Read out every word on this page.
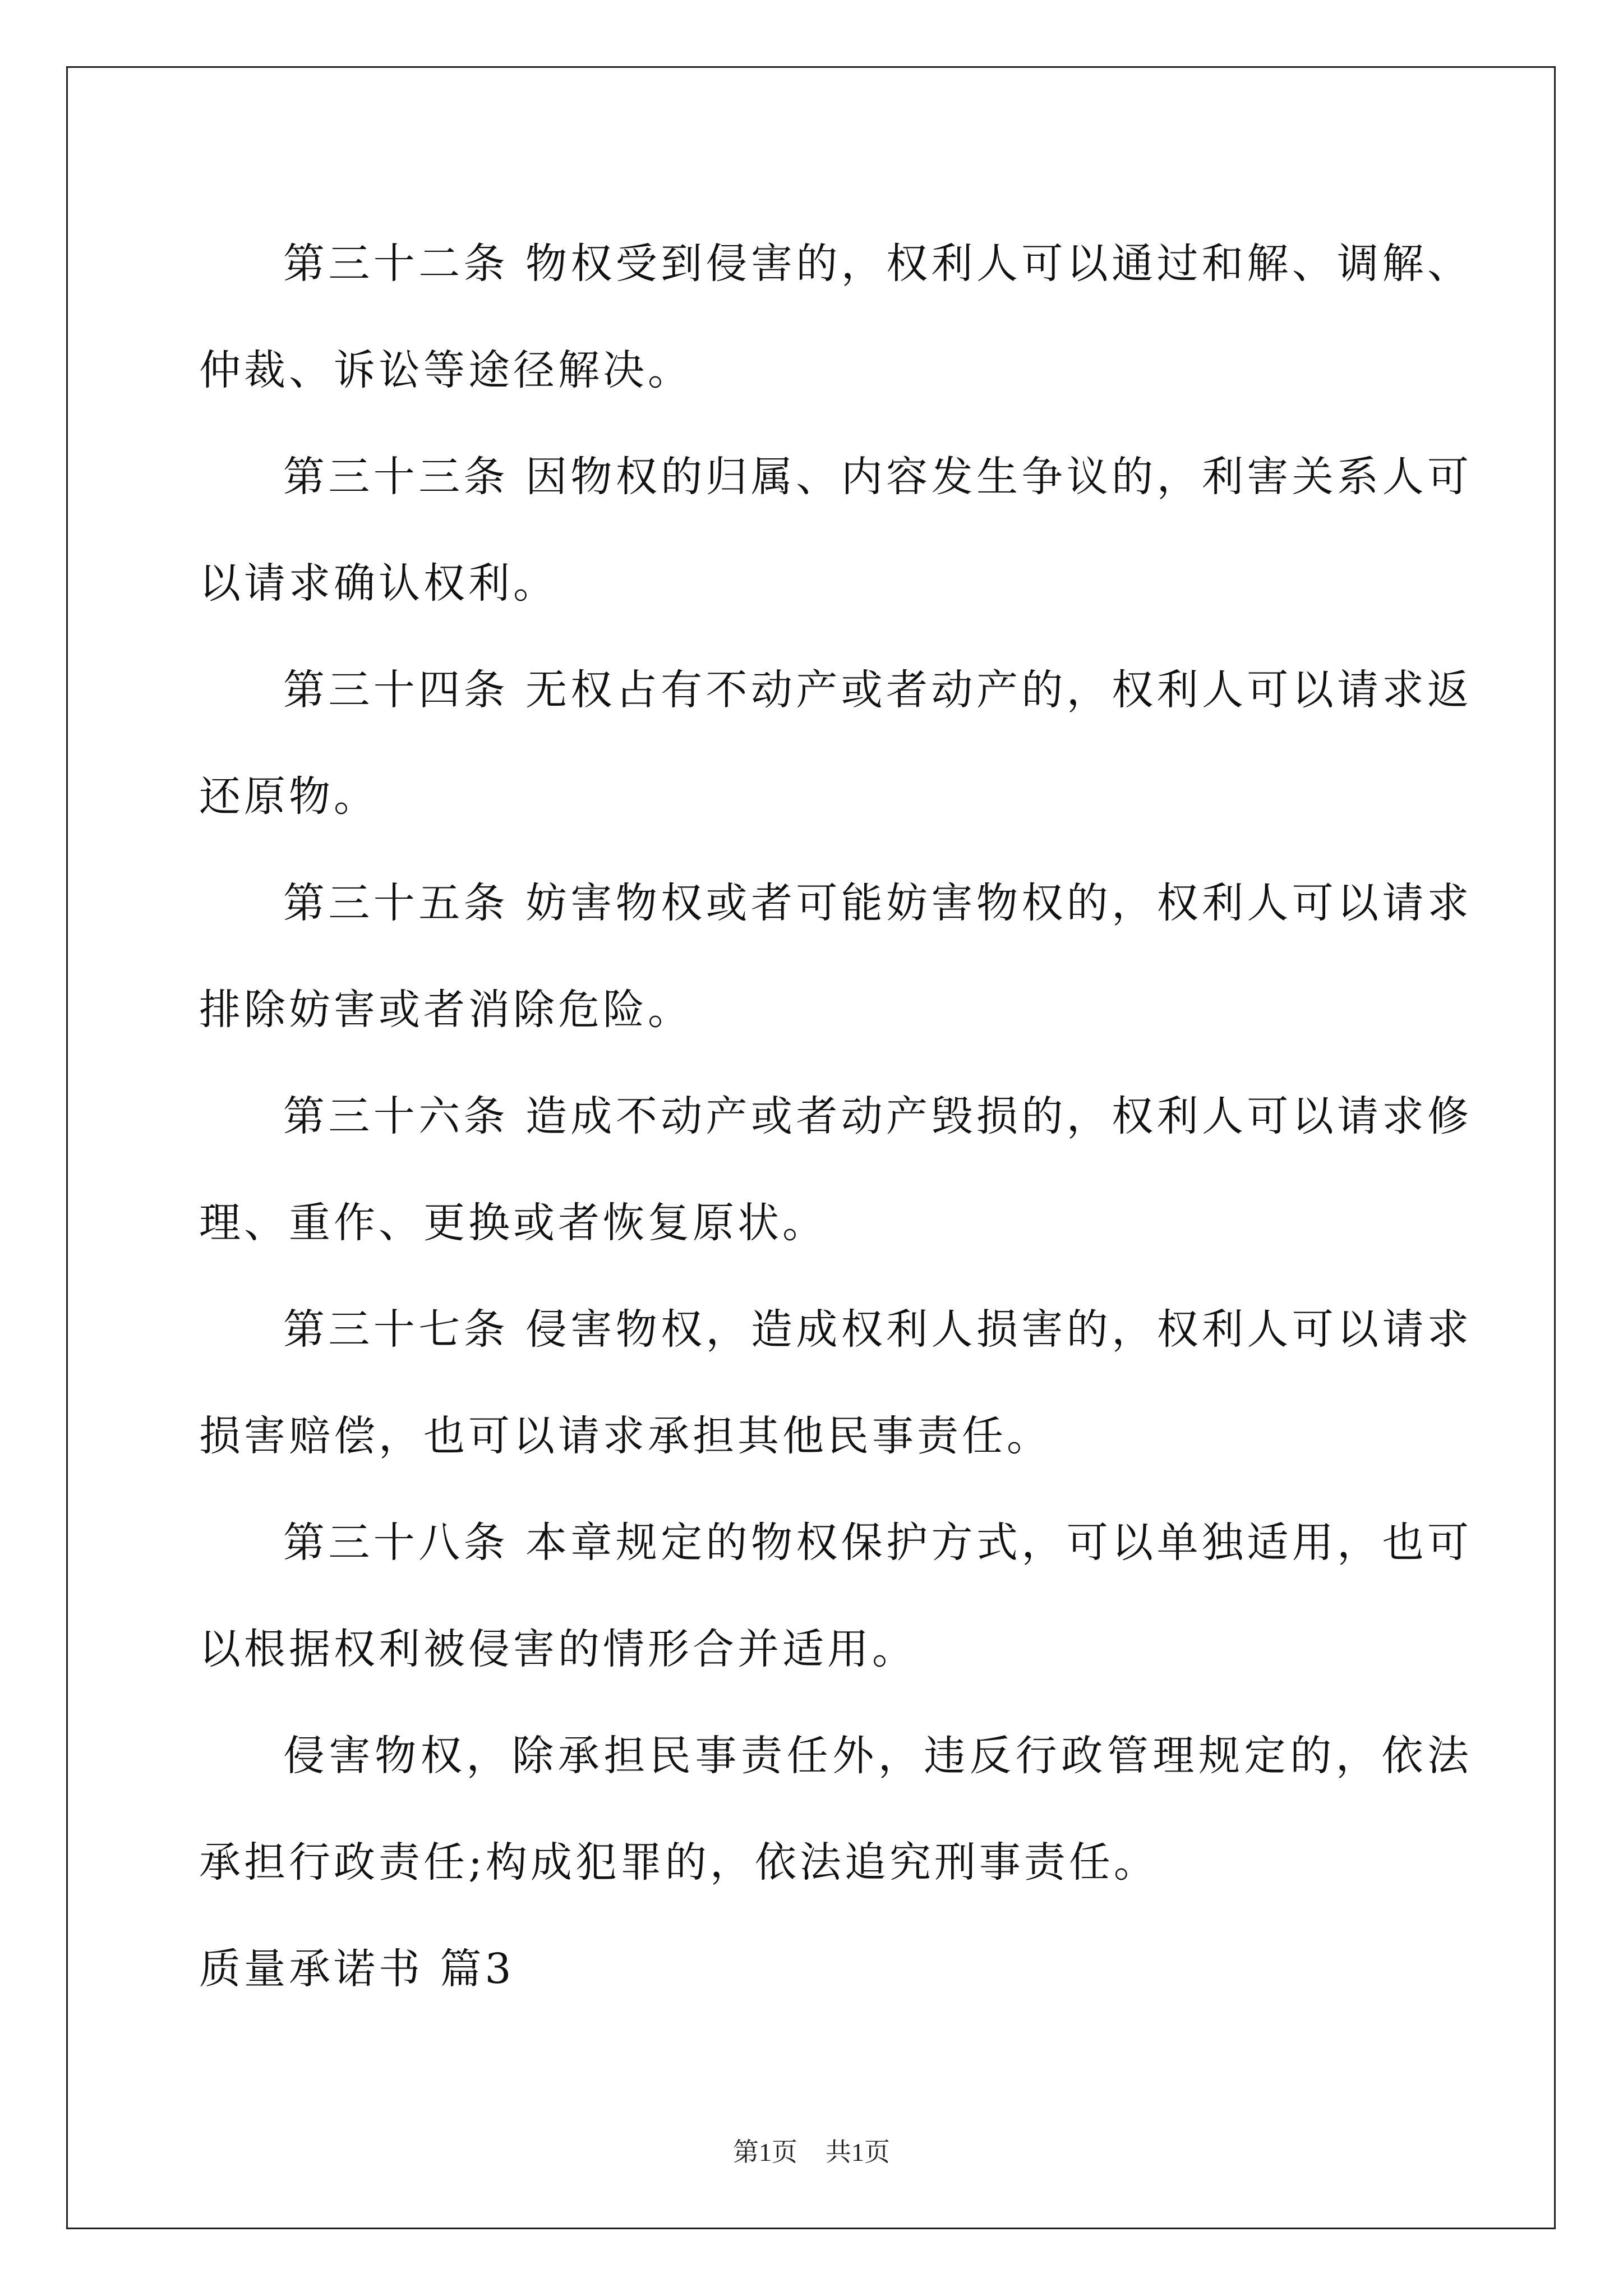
第三十二条 物权受到侵害的，权利人可以通过和解、调解、仲裁、诉讼等途径解决。

第三十三条 因物权的归属、内容发生争议的，利害关系人可以请求确认权利。

第三十四条 无权占有不动产或者动产的，权利人可以请求返还原物。

第三十五条 妨害物权或者可能妨害物权的，权利人可以请求排除妨害或者消除危险。

第三十六条 造成不动产或者动产毁损的，权利人可以请求修理、重作、更换或者恢复原状。

第三十七条 侵害物权，造成权利人损害的，权利人可以请求损害赔偿，也可以请求承担其他民事责任。

第三十八条 本章规定的物权保护方式，可以单独适用，也可以根据权利被侵害的情形合并适用。

侵害物权，除承担民事责任外，违反行政管理规定的，依法承担行政责任;构成犯罪的，依法追究刑事责任。

质量承诺书 篇3

第1页 共1页
